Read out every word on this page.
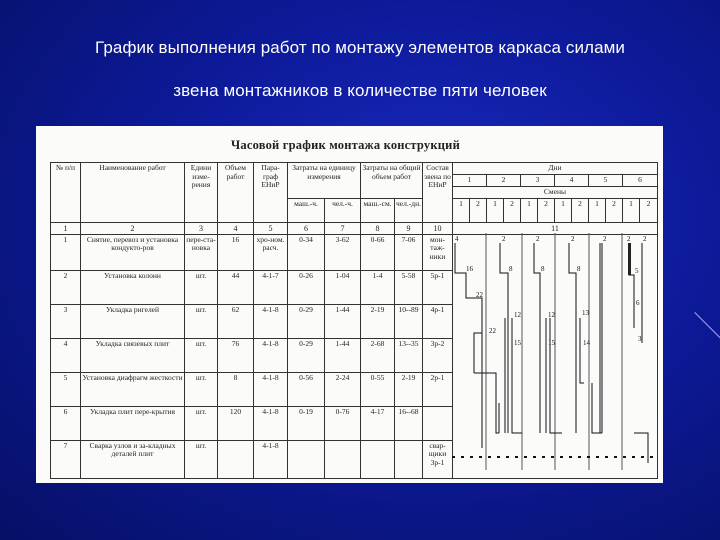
График выполнения работ по монтажу элементов каркаса силами
звена монтажников в количестве пяти человек
Часовой график монтажа конструкций
№ п/п	Наименование работ	Едини изме-рения	Объем работ	Пара-граф ЕНиР	Затраты на единицу измерения		Затраты на общий объем работ		Состав звена по ЕНиР	Дни											
										1		2		3		4		5		6	
										Смены											
					маш.-ч.	чел.-ч.	маш.-см.	чел.-дн.		1	2	1	2	1	2	1	2	1	2	1	2
1	2	3	4	5	6	7	8	9	10	11											
1	Снятие, перевоз и установка кондукто-ров	пере-ста-новка	16	хро-ном. расч.	0-34	3-62	0-66	7-06	мон-таж-ники												
2	Установка колонн	шт.	44	4-1-7	0-26	1-04	1-4	5-58	5р-1												
3	Укладка ригелей	шт.	62	4-1-8	0-29	1-44	2-19	10--89	4р-1												
4	Укладка связевых плит	шт.	76	4-1-8	0-29	1-44	2-68	13--35	3р-2												
5	Установка диафрагм жесткости	шт.	8	4-1-8	0-56	2-24	0-55	2-19	2р-1												
6	Укладка плит пере-крытия	шт.	120	4-1-8	0-19	0-76	4-17	16--68													
7	Сварка узлов и за-кладных деталей плит	шт.		4-1-8					свар-щики 3р-1												
4
16
22
22
2
8
12
15
2
8
12
15
2
8
13
14
2	2
5
6
2
3
